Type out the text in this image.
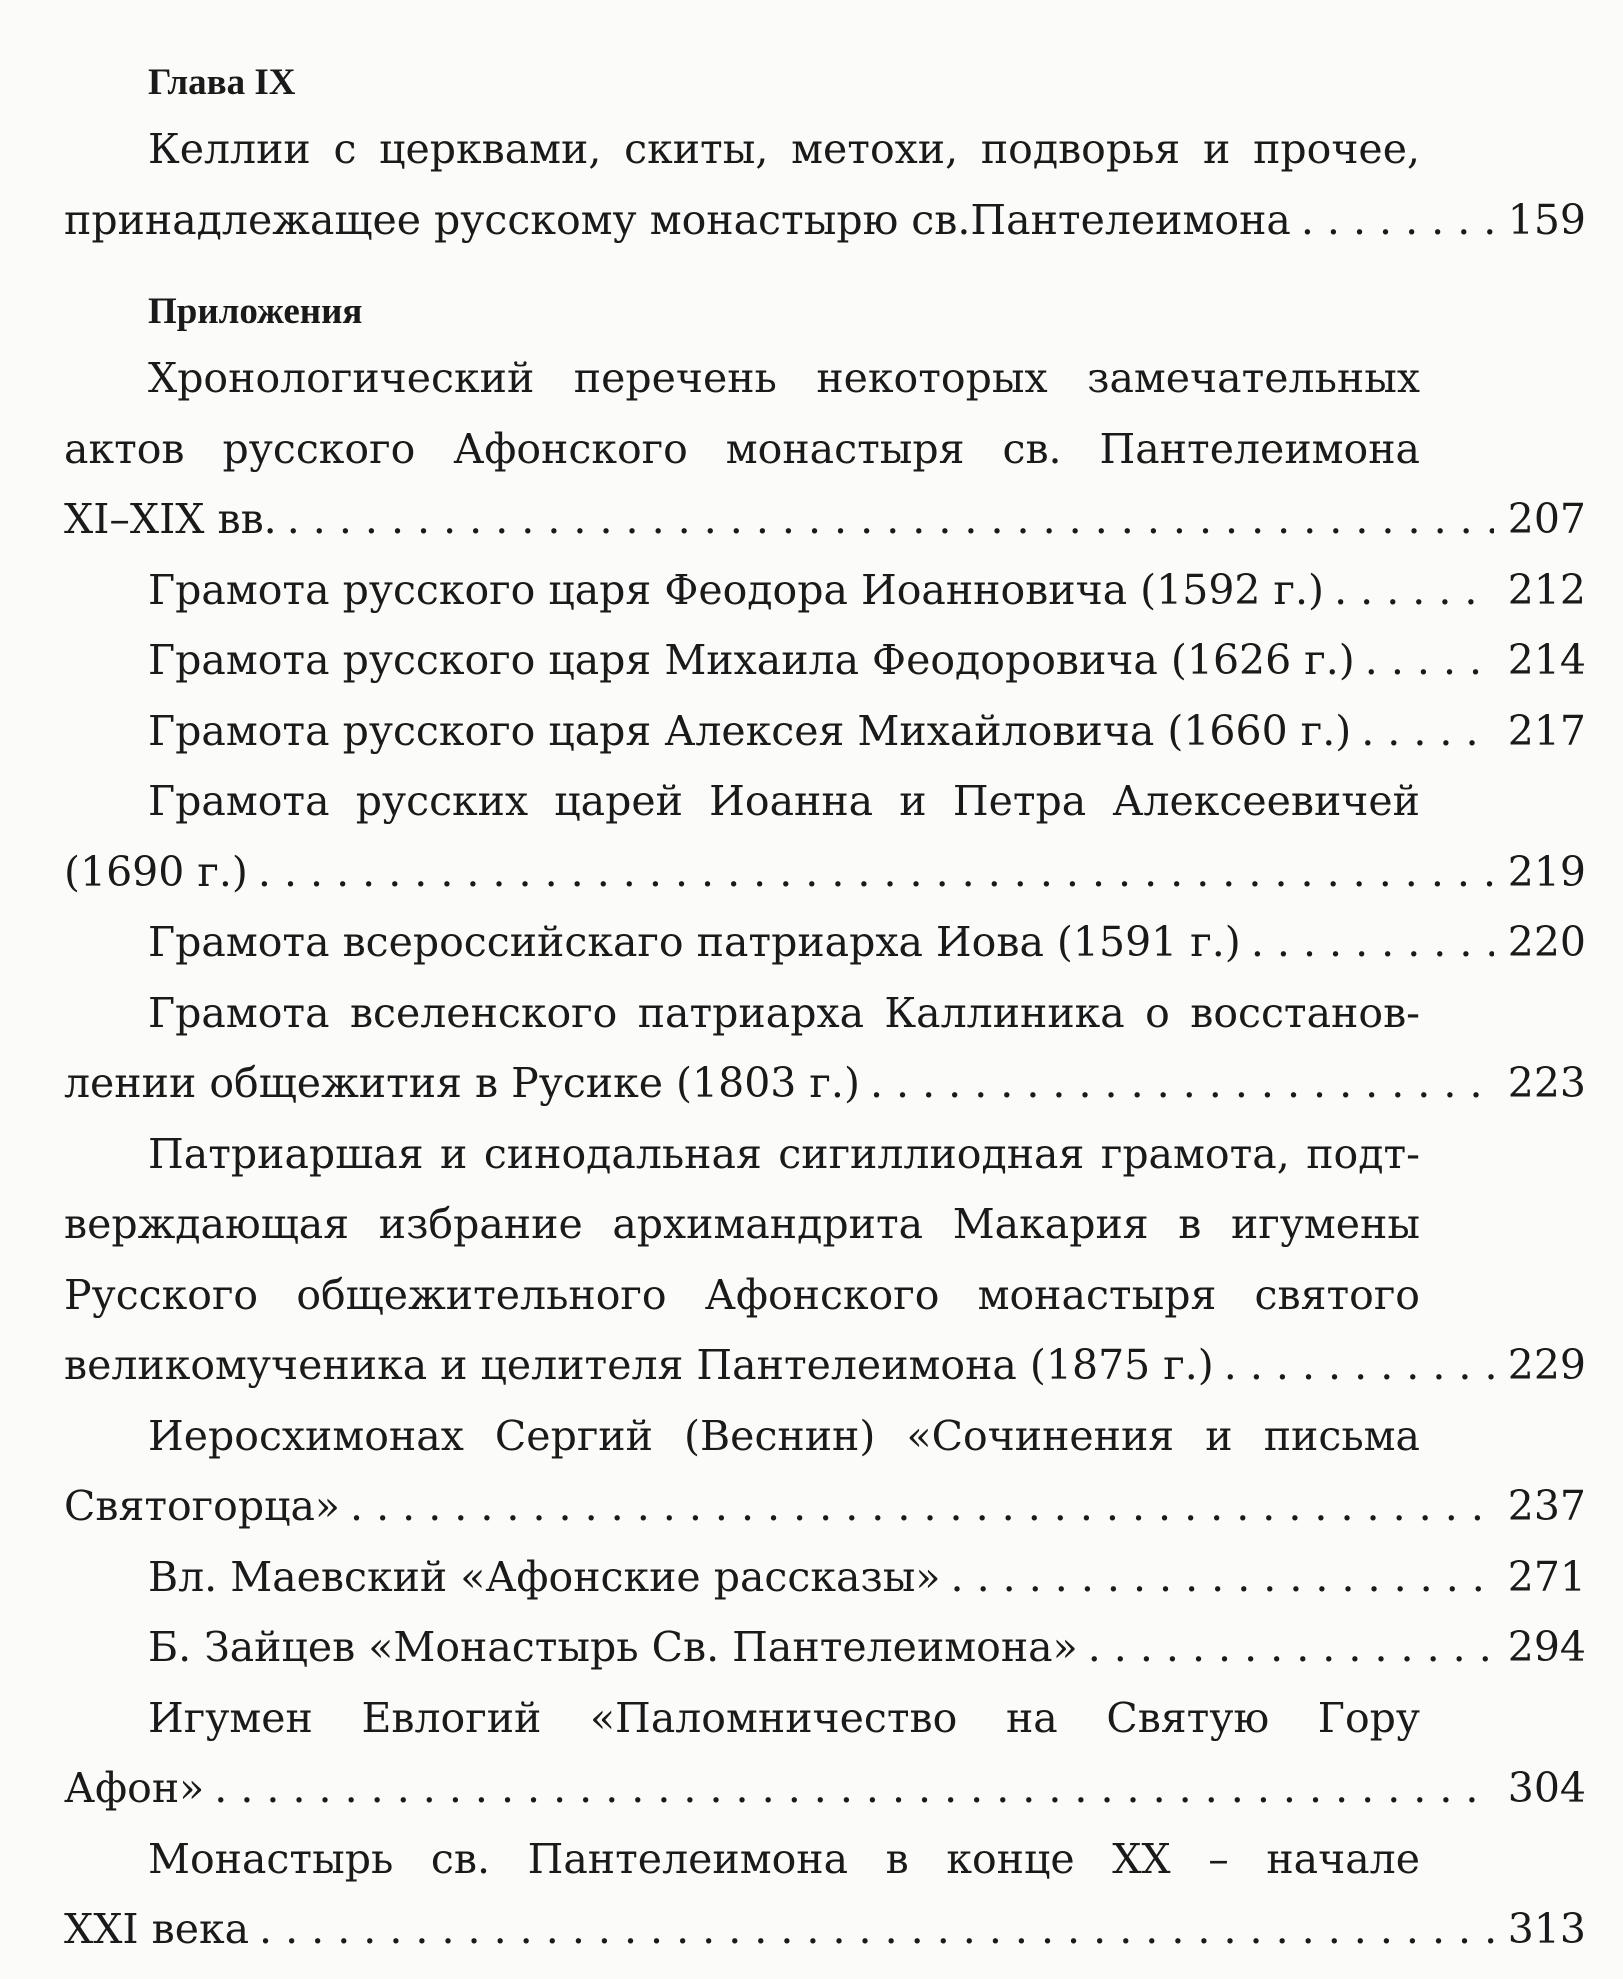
Глава IX

Келлии с церквами, скиты, метохи, подворья и прочее,
принадлежащее русскому монастырю св.Пантелеимона . . .	159

Приложения

Хронологический перечень некоторых замечательных
актов русского Афонского монастыря св. Пантелеимона
XI–XIX вв. . . .	207
Грамота русского царя Феодора Иоанновича (1592 г.) . . .	212
Грамота русского царя Михаила Феодоровича (1626 г.) . . .	214
Грамота русского царя Алексея Михайловича (1660 г.) . . .	217
Грамота русских царей Иоанна и Петра Алексеевичей
(1690 г.) . . .	219
Грамота всероссийскаго патриарха Иова (1591 г.) . . .	220
Грамота вселенского патриарха Каллиника о восстанов-
лении общежития в Русике (1803 г.) . . .	223
Патриаршая и синодальная сигиллиодная грамота, подт-
верждающая избрание архимандрита Макария в игумены
Русского общежительного Афонского монастыря святого
великомученика и целителя Пантелеимона (1875 г.) . . .	229
Иеросхимонах Сергий (Веснин) «Сочинения и письма
Святогорца» . . .	237
Вл. Маевский «Афонские рассказы» . . .	271
Б. Зайцев «Монастырь Св. Пантелеимона» . . .	294
Игумен Евлогий «Паломничество на Святую Гору
Афон» . . .	304
Монастырь св. Пантелеимона в конце XX – начале
XXI века . . .	313
